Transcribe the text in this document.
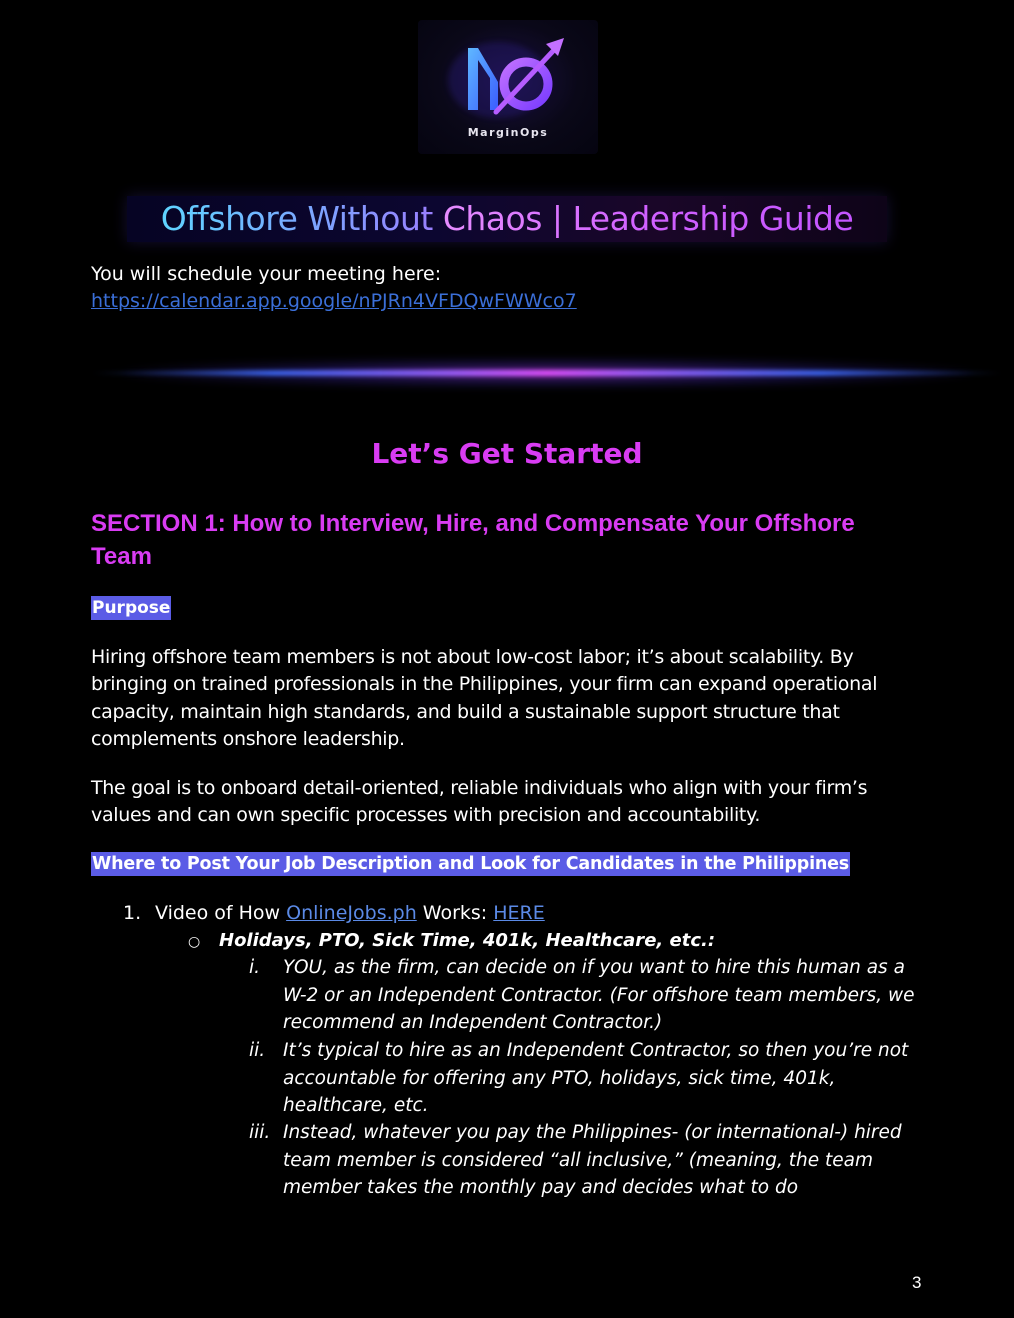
MarginOps
Offshore Without Chaos | Leadership Guide
You will schedule your meeting here:
https://calendar.app.google/nPJRn4VFDQwFWWco7
Let’s Get Started
SECTION 1: How to Interview, Hire, and Compensate Your Offshore Team
Purpose
Hiring offshore team members is not about low-cost labor; it’s about scalability. By bringing on trained professionals in the Philippines, your firm can expand operational capacity, maintain high standards, and build a sustainable support structure that complements onshore leadership.
The goal is to onboard detail-oriented, reliable individuals who align with your firm’s values and can own specific processes with precision and accountability.
Where to Post Your Job Description and Look for Candidates in the Philippines
1. Video of How OnlineJobs.ph Works: HERE
○ Holidays, PTO, Sick Time, 401k, Healthcare, etc.:
i. YOU, as the firm, can decide on if you want to hire this human as a W-2 or an Independent Contractor. (For offshore team members, we recommend an Independent Contractor.)
ii. It’s typical to hire as an Independent Contractor, so then you’re not accountable for offering any PTO, holidays, sick time, 401k, healthcare, etc.
iii. Instead, whatever you pay the Philippines- (or international-) hired team member is considered “all inclusive,” (meaning, the team member takes the monthly pay and decides what to do
3
